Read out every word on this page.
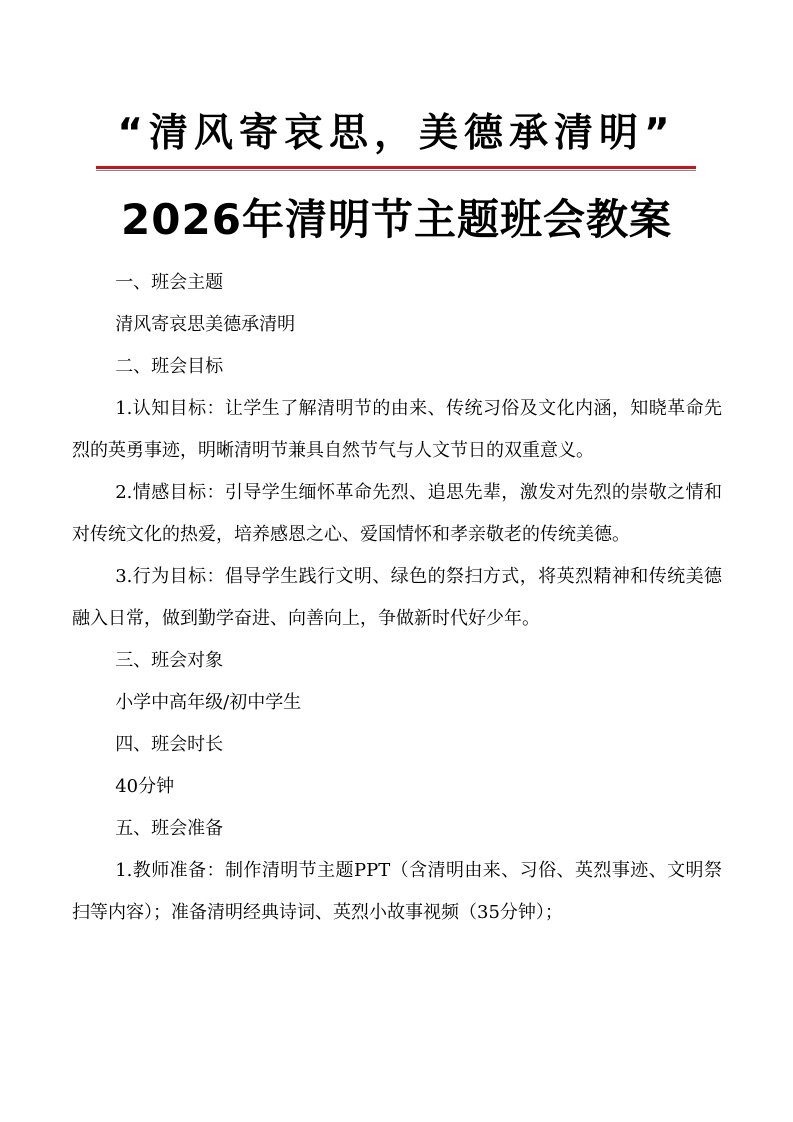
“清风寄哀思，美德承清明”
2026年清明节主题班会教案

一、班会主题

清风寄哀思美德承清明

二、班会目标

1.认知目标：让学生了解清明节的由来、传统习俗及文化内涵，知晓革命先烈的英勇事迹，明晰清明节兼具自然节气与人文节日的双重意义。

2.情感目标：引导学生缅怀革命先烈、追思先辈，激发对先烈的崇敬之情和对传统文化的热爱，培养感恩之心、爱国情怀和孝亲敬老的传统美德。

3.行为目标：倡导学生践行文明、绿色的祭扫方式，将英烈精神和传统美德融入日常，做到勤学奋进、向善向上，争做新时代好少年。

三、班会对象

小学中高年级/初中学生

四、班会时长

40分钟

五、班会准备

1.教师准备：制作清明节主题PPT（含清明由来、习俗、英烈事迹、文明祭扫等内容）；准备清明经典诗词、英烈小故事视频（35分钟）；
